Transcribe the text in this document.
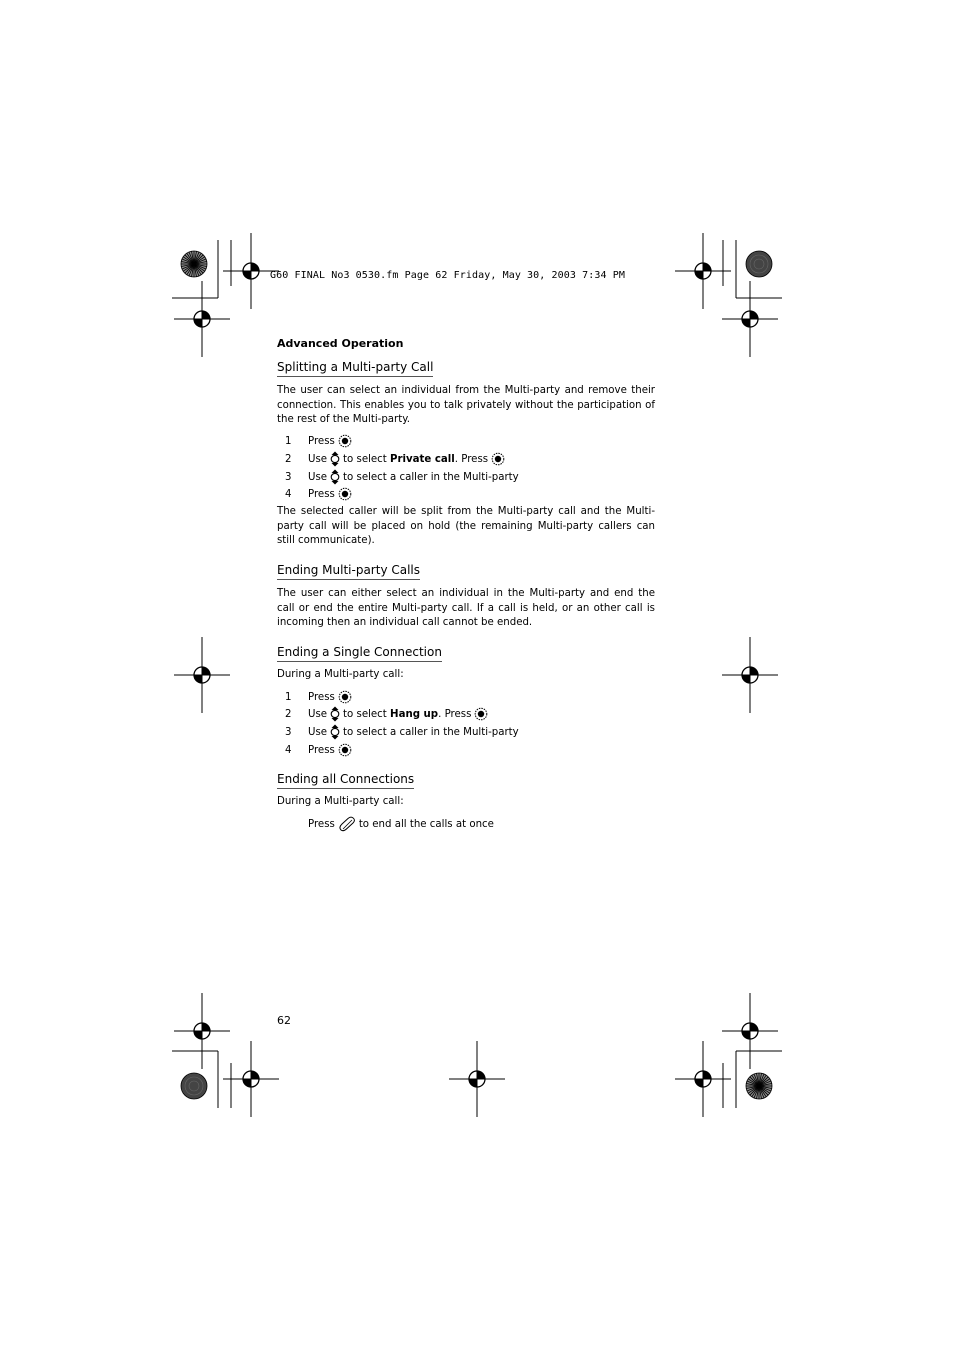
G60 FINAL No3 0530.fm Page 62 Friday, May 30, 2003 7:34 PM
Advanced Operation
Splitting a Multi-party Call
The user can select an individual from the Multi-party and remove their connection. This enables you to talk privately without the participation of the rest of the Multi-party.
1	Press
2	Use to select
Private call . Press
3	Use to select a caller in the Multi-party
4	Press
The selected caller will be split from the Multi-party call and the Multi-party call will be placed on hold (the remaining Multi-party callers can still communicate).
Ending Multi-party Calls
The user can either select an individual in the Multi-party and end the call or end the entire Multi-party call. If a call is held, or an other call is incoming then an individual call cannot be ended.
Ending a Single Connection
During a Multi-party call:
1	Press
2	Use to select
Hang up . Press
3	Use to select a caller in the Multi-party
4	Press
Ending all Connections
During a Multi-party call:
Press to end all the calls at once
62
